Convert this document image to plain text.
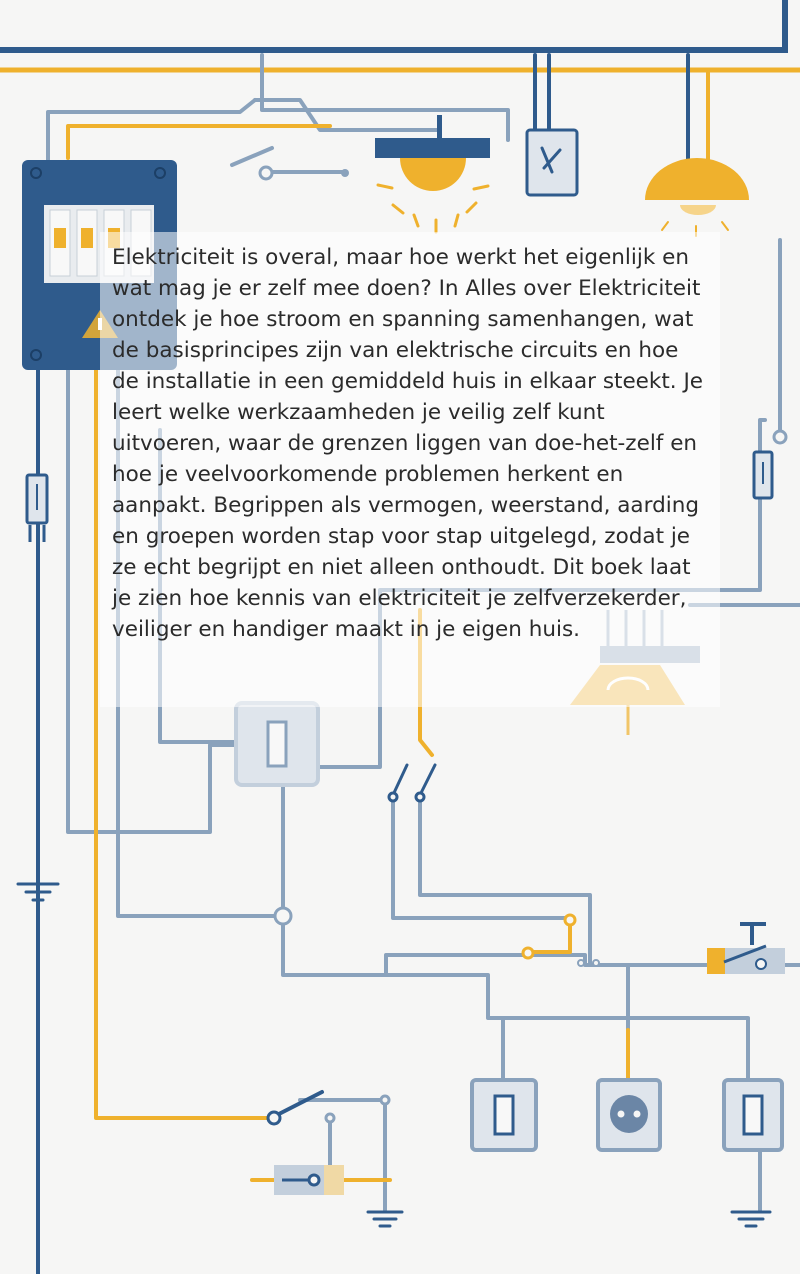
Elektriciteit is overal, maar hoe werkt het eigenlijk en wat mag je er zelf mee doen? In Alles over Elektriciteit ontdek je hoe stroom en spanning samenhangen, wat de basisprincipes zijn van elektrische circuits en hoe de installatie in een gemiddeld huis in elkaar steekt. Je leert welke werkzaamheden je veilig zelf kunt uitvoeren, waar de grenzen liggen van doe-het-zelf en hoe je veelvoorkomende problemen herkent en aanpakt. Begrippen als vermogen, weerstand, aarding en groepen worden stap voor stap uitgelegd, zodat je ze echt begrijpt en niet alleen onthoudt. Dit boek laat je zien hoe kennis van elektriciteit je zelfverzekerder, veiliger en handiger maakt in je eigen huis.
